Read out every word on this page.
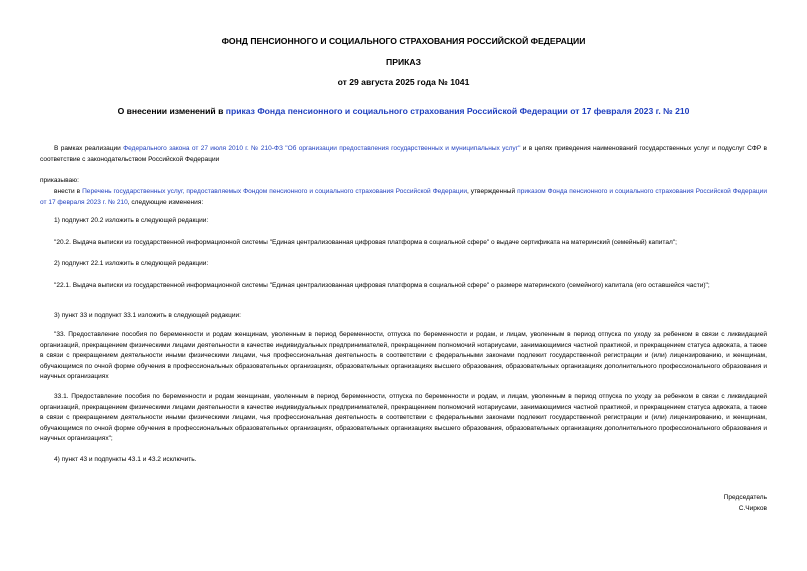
ФОНД ПЕНСИОННОГО И СОЦИАЛЬНОГО СТРАХОВАНИЯ РОССИЙСКОЙ ФЕДЕРАЦИИ
ПРИКАЗ
от 29 августа 2025 года № 1041
О внесении изменений в приказ Фонда пенсионного и социального страхования Российской Федерации от 17 февраля 2023 г. № 210
В рамках реализации Федерального закона от 27 июля 2010 г. № 210-ФЗ "Об организации предоставления государственных и муниципальных услуг" и в целях приведения наименований государственных услуг и подуслуг СФР в соответствие с законодательством Российской Федерации
приказываю:
внести в Перечень государственных услуг, предоставляемых Фондом пенсионного и социального страхования Российской Федерации, утвержденный приказом Фонда пенсионного и социального страхования Российской Федерации от 17 февраля 2023 г. № 210, следующие изменения:
1) подпункт 20.2 изложить в следующей редакции:
"20.2. Выдача выписки из государственной информационной системы "Единая централизованная цифровая платформа в социальной сфере" о выдаче сертификата на материнский (семейный) капитал";
2) подпункт 22.1 изложить в следующей редакции:
"22.1. Выдача выписки из государственной информационной системы "Единая централизованная цифровая платформа в социальной сфере" о размере материнского (семейного) капитала (его оставшейся части)";
3) пункт 33 и подпункт 33.1 изложить в следующей редакции:
"33. Предоставление пособия по беременности и родам женщинам, уволенным в период беременности, отпуска по беременности и родам, и лицам, уволенным в период отпуска по уходу за ребенком в связи с ликвидацией организаций, прекращением физическими лицами деятельности в качестве индивидуальных предпринимателей, прекращением полномочий нотариусами, занимающимися частной практикой, и прекращением статуса адвоката, а также в связи с прекращением деятельности иными физическими лицами, чья профессиональная деятельность в соответствии с федеральными законами подлежит государственной регистрации и (или) лицензированию, и женщинам, обучающимся по очной форме обучения в профессиональных образовательных организациях, образовательных организациях высшего образования, образовательных организациях дополнительного профессионального образования и научных организациях
33.1. Предоставление пособия по беременности и родам женщинам, уволенным в период беременности, отпуска по беременности и родам, и лицам, уволенным в период отпуска по уходу за ребенком в связи с ликвидацией организаций, прекращением физическими лицами деятельности в качестве индивидуальных предпринимателей, прекращением полномочий нотариусами, занимающимися частной практикой, и прекращением статуса адвоката, а также в связи с прекращением деятельности иными физическими лицами, чья профессиональная деятельность в соответствии с федеральными законами подлежит государственной регистрации и (или) лицензированию, и женщинам, обучающимся по очной форме обучения в профессиональных образовательных организациях, образовательных организациях высшего образования, образовательных организациях дополнительного профессионального образования и научных организациях";
4) пункт 43 и подпункты 43.1 и 43.2 исключить.
Председатель
С.Чирков
